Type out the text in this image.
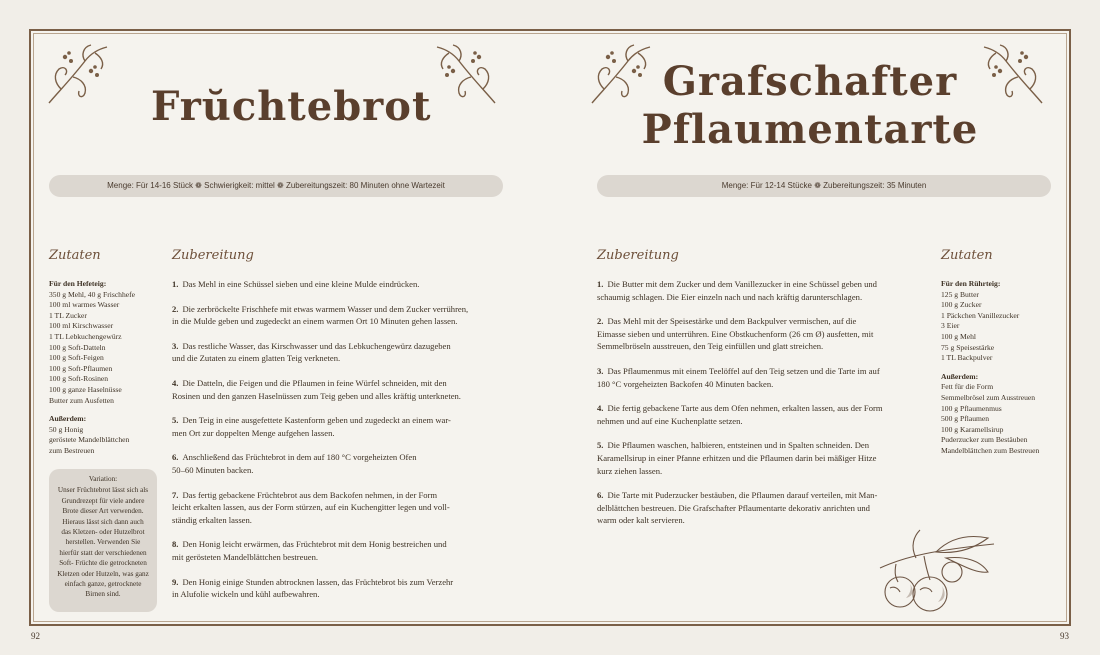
Frŭchtebrot
Menge: Für 14-16 Stück ❁ Schwierigkeit: mittel ❁ Zubereitungszeit: 80 Minuten ohne Wartezeit
Zutaten	Zubereitung
Für den Hefeteig:
350 g Mehl, 40 g Frischhefe
100 ml warmes Wasser
1 TL Zucker
100 ml Kirschwasser
1 TL Lebkuchengewürz
100 g Soft-Datteln
100 g Soft-Feigen
100 g Soft-Pflaumen
100 g Soft-Rosinen
100 g ganze Haselnüsse
Butter zum Ausfetten
Außerdem:
50 g Honig
geröstete Mandelblättchen
zum Bestreuen
Variation:
Unser Früchtebrot lässt sich als
Grundrezept für viele andere
Brote dieser Art verwenden.
Hieraus lässt sich dann auch
das Kletzen- oder Hutzelbrot
herstellen. Verwenden Sie
hierfür statt der verschiedenen
Soft- Früchte die getrockneten
Kletzen oder Hutzeln, was ganz
einfach ganze, getrocknete
Birnen sind.
1. Das Mehl in eine Schüssel sieben und eine kleine Mulde eindrücken.
2. Die zerbröckelte Frischhefe mit etwas warmem Wasser und dem Zucker verrühren,
in die Mulde geben und zugedeckt an einem warmen Ort 10 Minuten gehen lassen.
3. Das restliche Wasser, das Kirschwasser und das Lebkuchengewürz dazugeben
und die Zutaten zu einem glatten Teig verkneten.
4. Die Datteln, die Feigen und die Pflaumen in feine Würfel schneiden, mit den
Rosinen und den ganzen Haselnüssen zum Teig geben und alles kräftig unterkneten.
5. Den Teig in eine ausgefettete Kastenform geben und zugedeckt an einem war-
men Ort zur doppelten Menge aufgehen lassen.
6. Anschließend das Früchtebrot in dem auf 180 °C vorgeheizten Ofen
50–60 Minuten backen.
7. Das fertig gebackene Früchtebrot aus dem Backofen nehmen, in der Form
leicht erkalten lassen, aus der Form stürzen, auf ein Kuchengitter legen und voll-
ständig erkalten lassen.
8. Den Honig leicht erwärmen, das Früchtebrot mit dem Honig bestreichen und
mit gerösteten Mandelblättchen bestreuen.
9. Den Honig einige Stunden abtrocknen lassen, das Früchtebrot bis zum Verzehr
in Alufolie wickeln und kühl aufbewahren.
92
Grafschafter
Pflaumentarte
Menge: Für 12-14 Stücke ❁ Zubereitungszeit: 35 Minuten
Zubereitung	Zutaten
1. Die Butter mit dem Zucker und dem Vanillezucker in eine Schüssel geben und
schaumig schlagen. Die Eier einzeln nach und nach kräftig darunterschlagen.
2. Das Mehl mit der Speisestärke und dem Backpulver vermischen, auf die
Eimasse sieben und unterrühren. Eine Obstkuchenform (26 cm Ø) ausfetten, mit
Semmelbröseln ausstreuen, den Teig einfüllen und glatt streichen.
3. Das Pflaumenmus mit einem Teelöffel auf den Teig setzen und die Tarte im auf
180 °C vorgeheizten Backofen 40 Minuten backen.
4. Die fertig gebackene Tarte aus dem Ofen nehmen, erkalten lassen, aus der Form
nehmen und auf eine Kuchenplatte setzen.
5. Die Pflaumen waschen, halbieren, entsteinen und in Spalten schneiden. Den
Karamellsirup in einer Pfanne erhitzen und die Pflaumen darin bei mäßiger Hitze
kurz ziehen lassen.
6. Die Tarte mit Puderzucker bestäuben, die Pflaumen darauf verteilen, mit Man-
delblättchen bestreuen. Die Grafschafter Pflaumentarte dekorativ anrichten und
warm oder kalt servieren.
Für den Rührteig:
125 g Butter
100 g Zucker
1 Päckchen Vanillezucker
3 Eier
100 g Mehl
75 g Speisestärke
1 TL Backpulver
Außerdem:
Fett für die Form
Semmelbrösel zum Ausstreuen
100 g Pflaumenmus
500 g Pflaumen
100 g Karamellsirup
Puderzucker zum Bestäuben
Mandelblättchen zum Bestreuen
93
